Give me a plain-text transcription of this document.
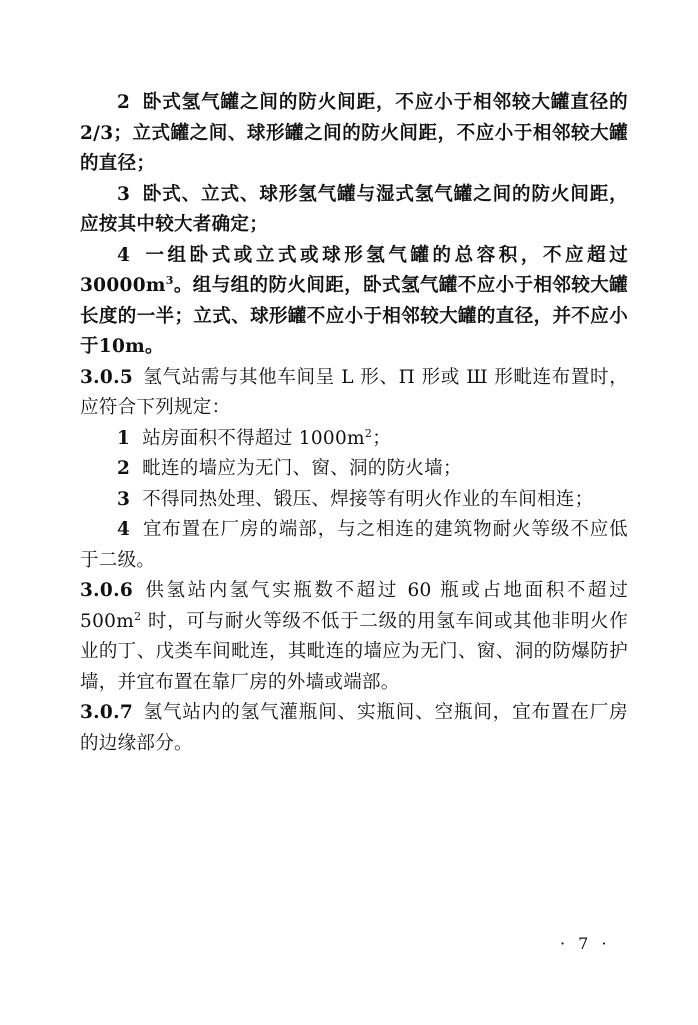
2 卧式氢气罐之间的防火间距，不应小于相邻较大罐直径的2/3；立式罐之间、球形罐之间的防火间距，不应小于相邻较大罐的直径；

3 卧式、立式、球形氢气罐与湿式氢气罐之间的防火间距，应按其中较大者确定；

4 一组卧式或立式或球形氢气罐的总容积，不应超过$30000m^3$。组与组的防火间距，卧式氢气罐不应小于相邻较大罐长度的一半；立式、球形罐不应小于相邻较大罐的直径，并不应小于10m。

3.0.5 氢气站需与其他车间呈 L 形、Π 形或 Ш 形毗连布置时，应符合下列规定：

1 站房面积不得超过 $1000m^2$；

2 毗连的墙应为无门、窗、洞的防火墙；

3 不得同热处理、锻压、焊接等有明火作业的车间相连；

4 宜布置在厂房的端部，与之相连的建筑物耐火等级不应低于二级。

3.0.6 供氢站内氢气实瓶数不超过 60 瓶或占地面积不超过 $500m^2$ 时，可与耐火等级不低于二级的用氢车间或其他非明火作业的丁、戊类车间毗连，其毗连的墙应为无门、窗、洞的防爆防护墙，并宜布置在靠厂房的外墙或端部。

3.0.7 氢气站内的氢气灌瓶间、实瓶间、空瓶间，宜布置在厂房的边缘部分。

· 7 ·
